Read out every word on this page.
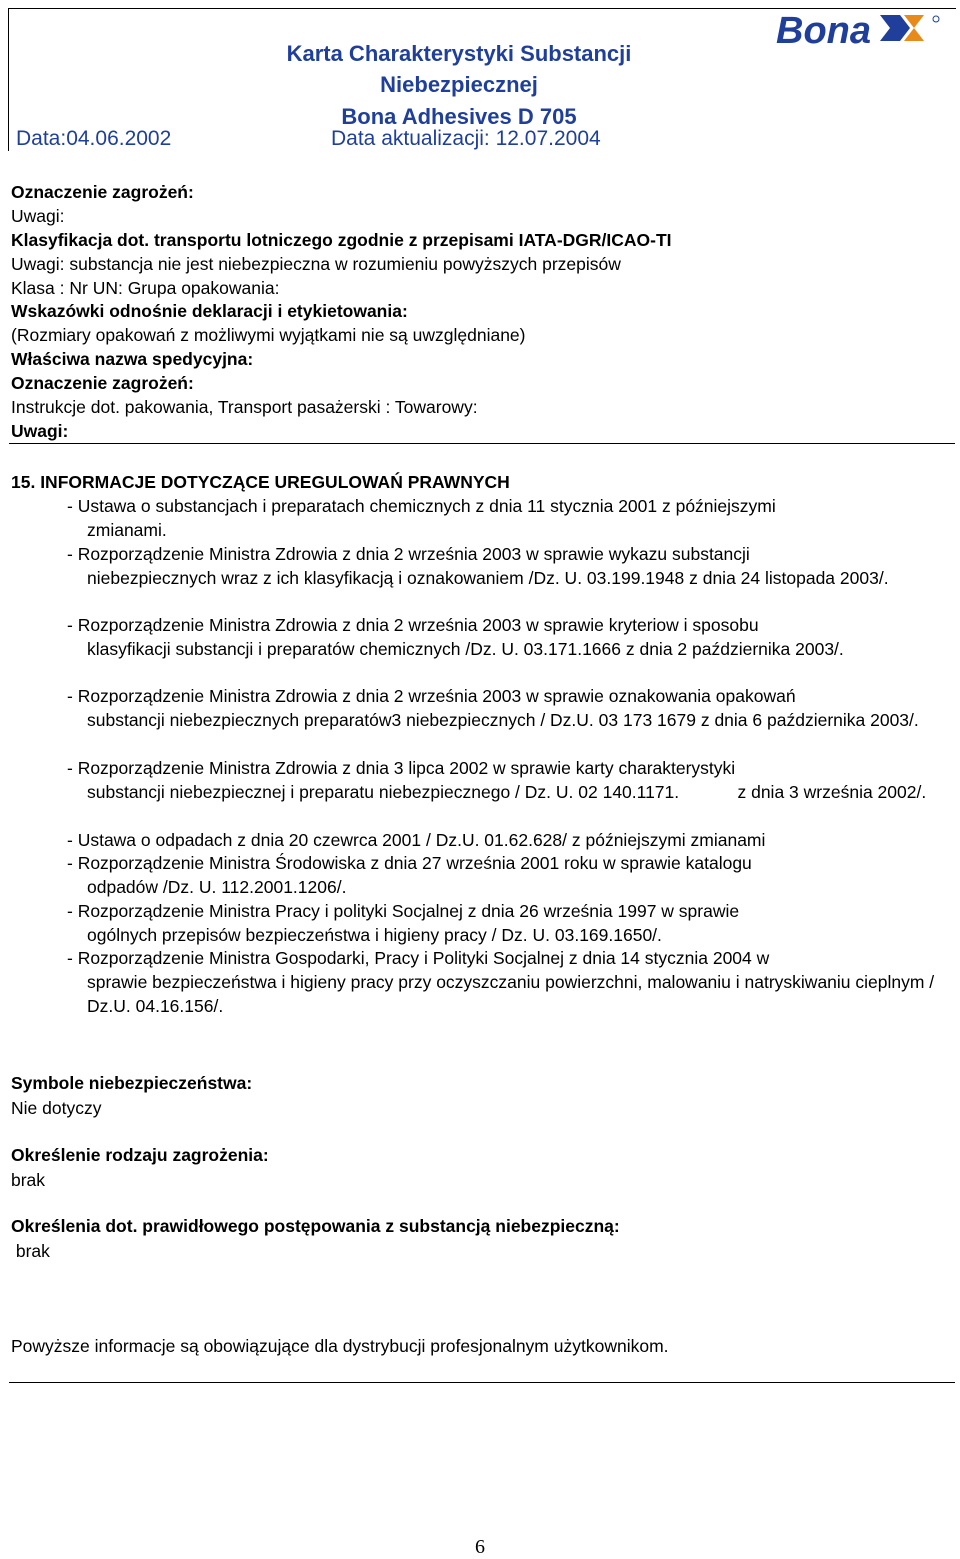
Karta Charakterystyki Substancji
Niebezpiecznej
Bona Adhesives D 705
Data:04.06.2002	Data aktualizacji: 12.07.2004
Bona
Oznaczenie zagrożeń:
Uwagi:
Klasyfikacja dot. transportu lotniczego zgodnie z przepisami IATA-DGR/ICAO-TI
Uwagi: substancja nie jest niebezpieczna w rozumieniu powyższych przepisów
Klasa : Nr UN: Grupa opakowania:
Wskazówki odnośnie deklaracji i etykietowania:
(Rozmiary opakowań z możliwymi wyjątkami nie są uwzględniane)
Właściwa nazwa spedycyjna:
Oznaczenie zagrożeń:
Instrukcje dot. pakowania, Transport pasażerski : Towarowy:
Uwagi:
15. INFORMACJE DOTYCZĄCE UREGULOWAŃ PRAWNYCH
- Ustawa o substancjach i preparatach chemicznych z dnia 11 stycznia 2001 z późniejszymi
zmianami.
- Rozporządzenie Ministra Zdrowia z dnia 2 września 2003 w sprawie wykazu substancji
niebezpiecznych wraz z ich klasyfikacją i oznakowaniem /Dz. U. 03.199.1948 z dnia 24 listopada 2003/.
- Rozporządzenie Ministra Zdrowia z dnia 2 września 2003 w sprawie kryteriow i sposobu
klasyfikacji substancji i preparatów chemicznych /Dz. U. 03.171.1666 z dnia 2 października 2003/.
- Rozporządzenie Ministra Zdrowia z dnia 2 września 2003 w sprawie oznakowania opakowań
substancji niebezpiecznych preparatów3 niebezpiecznych / Dz.U. 03 173 1679 z dnia 6 października 2003/.
- Rozporządzenie Ministra Zdrowia z dnia 3 lipca 2002 w sprawie karty charakterystyki
substancji niebezpiecznej i preparatu niebezpiecznego / Dz. U. 02 140.1171.            z dnia 3 września 2002/.
- Ustawa o odpadach z dnia 20 czewrca 2001 / Dz.U. 01.62.628/ z późniejszymi zmianami
- Rozporządzenie Ministra Środowiska z dnia 27 września 2001 roku w sprawie katalogu
odpadów /Dz. U. 112.2001.1206/.
- Rozporządzenie Ministra Pracy i polityki Socjalnej z dnia 26 września 1997 w sprawie
ogólnych przepisów bezpieczeństwa i higieny pracy / Dz. U. 03.169.1650/.
- Rozporządzenie Ministra Gospodarki, Pracy i Polityki Socjalnej z dnia 14 stycznia 2004 w
sprawie bezpieczeństwa i higieny pracy przy oczyszczaniu powierzchni, malowaniu i natryskiwaniu cieplnym / Dz.U. 04.16.156/.
Symbole niebezpieczeństwa:
Nie dotyczy
Określenie rodzaju zagrożenia:
brak
Określenia dot. prawidłowego postępowania z substancją niebezpieczną:
brak
Powyższe informacje są obowiązujące dla dystrybucji profesjonalnym użytkownikom.
6
